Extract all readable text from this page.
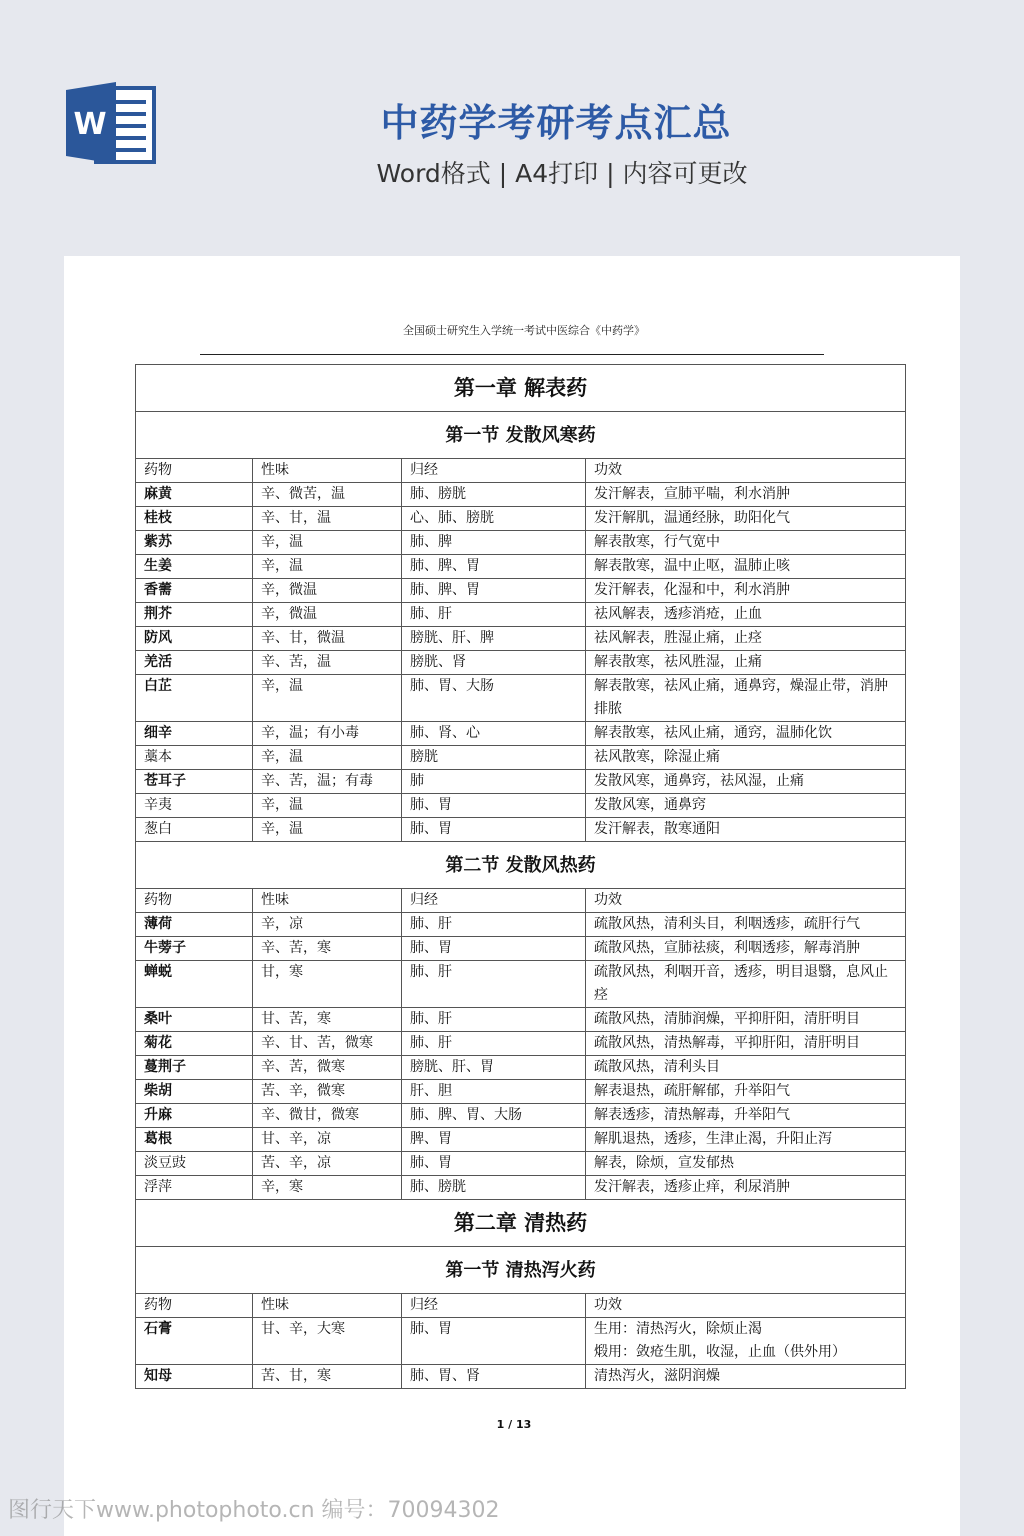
W	中药学考研考点汇总
Word格式 | A4打印 | 内容可更改
全国硕士研究生入学统一考试中医综合《中药学》
第一章 解表药			
第一节 发散风寒药			
药物	性味	归经	功效
麻黄	辛、微苦，温	肺、膀胱	发汗解表，宣肺平喘，利水消肿
桂枝	辛、甘，温	心、肺、膀胱	发汗解肌，温通经脉，助阳化气
紫苏	辛，温	肺、脾	解表散寒，行气宽中
生姜	辛，温	肺、脾、胃	解表散寒，温中止呕，温肺止咳
香薷	辛，微温	肺、脾、胃	发汗解表，化湿和中，利水消肿
荆芥	辛，微温	肺、肝	祛风解表，透疹消疮，止血
防风	辛、甘，微温	膀胱、肝、脾	祛风解表，胜湿止痛，止痉
羌活	辛、苦，温	膀胱、肾	解表散寒，祛风胜湿，止痛
白芷	辛，温	肺、胃、大肠	解表散寒，祛风止痛，通鼻窍，燥湿止带，消肿排脓
细辛	辛，温；有小毒	肺、肾、心	解表散寒，祛风止痛，通窍，温肺化饮
藁本	辛，温	膀胱	祛风散寒，除湿止痛
苍耳子	辛、苦，温；有毒	肺	发散风寒，通鼻窍，祛风湿，止痛
辛夷	辛，温	肺、胃	发散风寒，通鼻窍
葱白	辛，温	肺、胃	发汗解表，散寒通阳
第二节 发散风热药			
药物	性味	归经	功效
薄荷	辛，凉	肺、肝	疏散风热，清利头目，利咽透疹，疏肝行气
牛蒡子	辛、苦，寒	肺、胃	疏散风热，宣肺祛痰，利咽透疹，解毒消肿
蝉蜕	甘，寒	肺、肝	疏散风热，利咽开音，透疹，明目退翳，息风止痉
桑叶	甘、苦，寒	肺、肝	疏散风热，清肺润燥，平抑肝阳，清肝明目
菊花	辛、甘、苦，微寒	肺、肝	疏散风热，清热解毒，平抑肝阳，清肝明目
蔓荆子	辛、苦，微寒	膀胱、肝、胃	疏散风热，清利头目
柴胡	苦、辛，微寒	肝、胆	解表退热，疏肝解郁，升举阳气
升麻	辛、微甘，微寒	肺、脾、胃、大肠	解表透疹，清热解毒，升举阳气
葛根	甘、辛，凉	脾、胃	解肌退热，透疹，生津止渴，升阳止泻
淡豆豉	苦、辛，凉	肺、胃	解表，除烦，宣发郁热
浮萍	辛，寒	肺、膀胱	发汗解表，透疹止痒，利尿消肿
第二章 清热药			
第一节 清热泻火药			
药物	性味	归经	功效
石膏	甘、辛，大寒	肺、胃	生用：清热泻火，除烦止渴
煅用：敛疮生肌，收湿，止血（供外用）

知母	苦、甘，寒	肺、胃、肾	清热泻火，滋阴润燥
1 / 13
图行天下www.photophoto.cn 编号：70094302
